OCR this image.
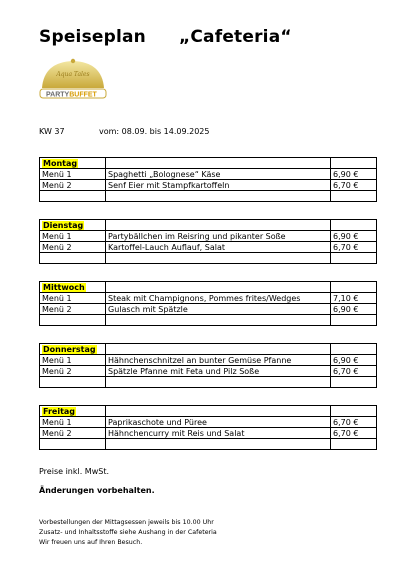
Speiseplan „Cafeteria“
Aqua Tales
PARTYBUFFET
KW 37	vom: 08.09. bis 14.09.2025
Montag		
Menü 1	Spaghetti „Bolognese“ Käse	6,90 €
Menü 2	Senf Eier mit Stampfkartoffeln	6,70 €

Dienstag		
Menü 1	Partybällchen im Reisring und pikanter Soße	6,90 €
Menü 2	Kartoffel-Lauch Auflauf, Salat	6,70 €

Mittwoch		
Menü 1	Steak mit Champignons, Pommes frites/Wedges	7,10 €
Menü 2	Gulasch mit Spätzle	6,90 €

Donnerstag		
Menü 1	Hähnchenschnitzel an bunter Gemüse Pfanne	6,90 €
Menü 2	Spätzle Pfanne mit Feta und Pilz Soße	6,70 €

Freitag		
Menü 1	Paprikaschote und Püree	6,70 €
Menü 2	Hähnchencurry mit Reis und Salat	6,70 €

Preise inkl. MwSt.
Änderungen vorbehalten.
Vorbestellungen der Mittagsessen jeweils bis 10.00 Uhr
Zusatz- und Inhaltsstoffe siehe Aushang in der Cafeteria
Wir freuen uns auf Ihren Besuch.
